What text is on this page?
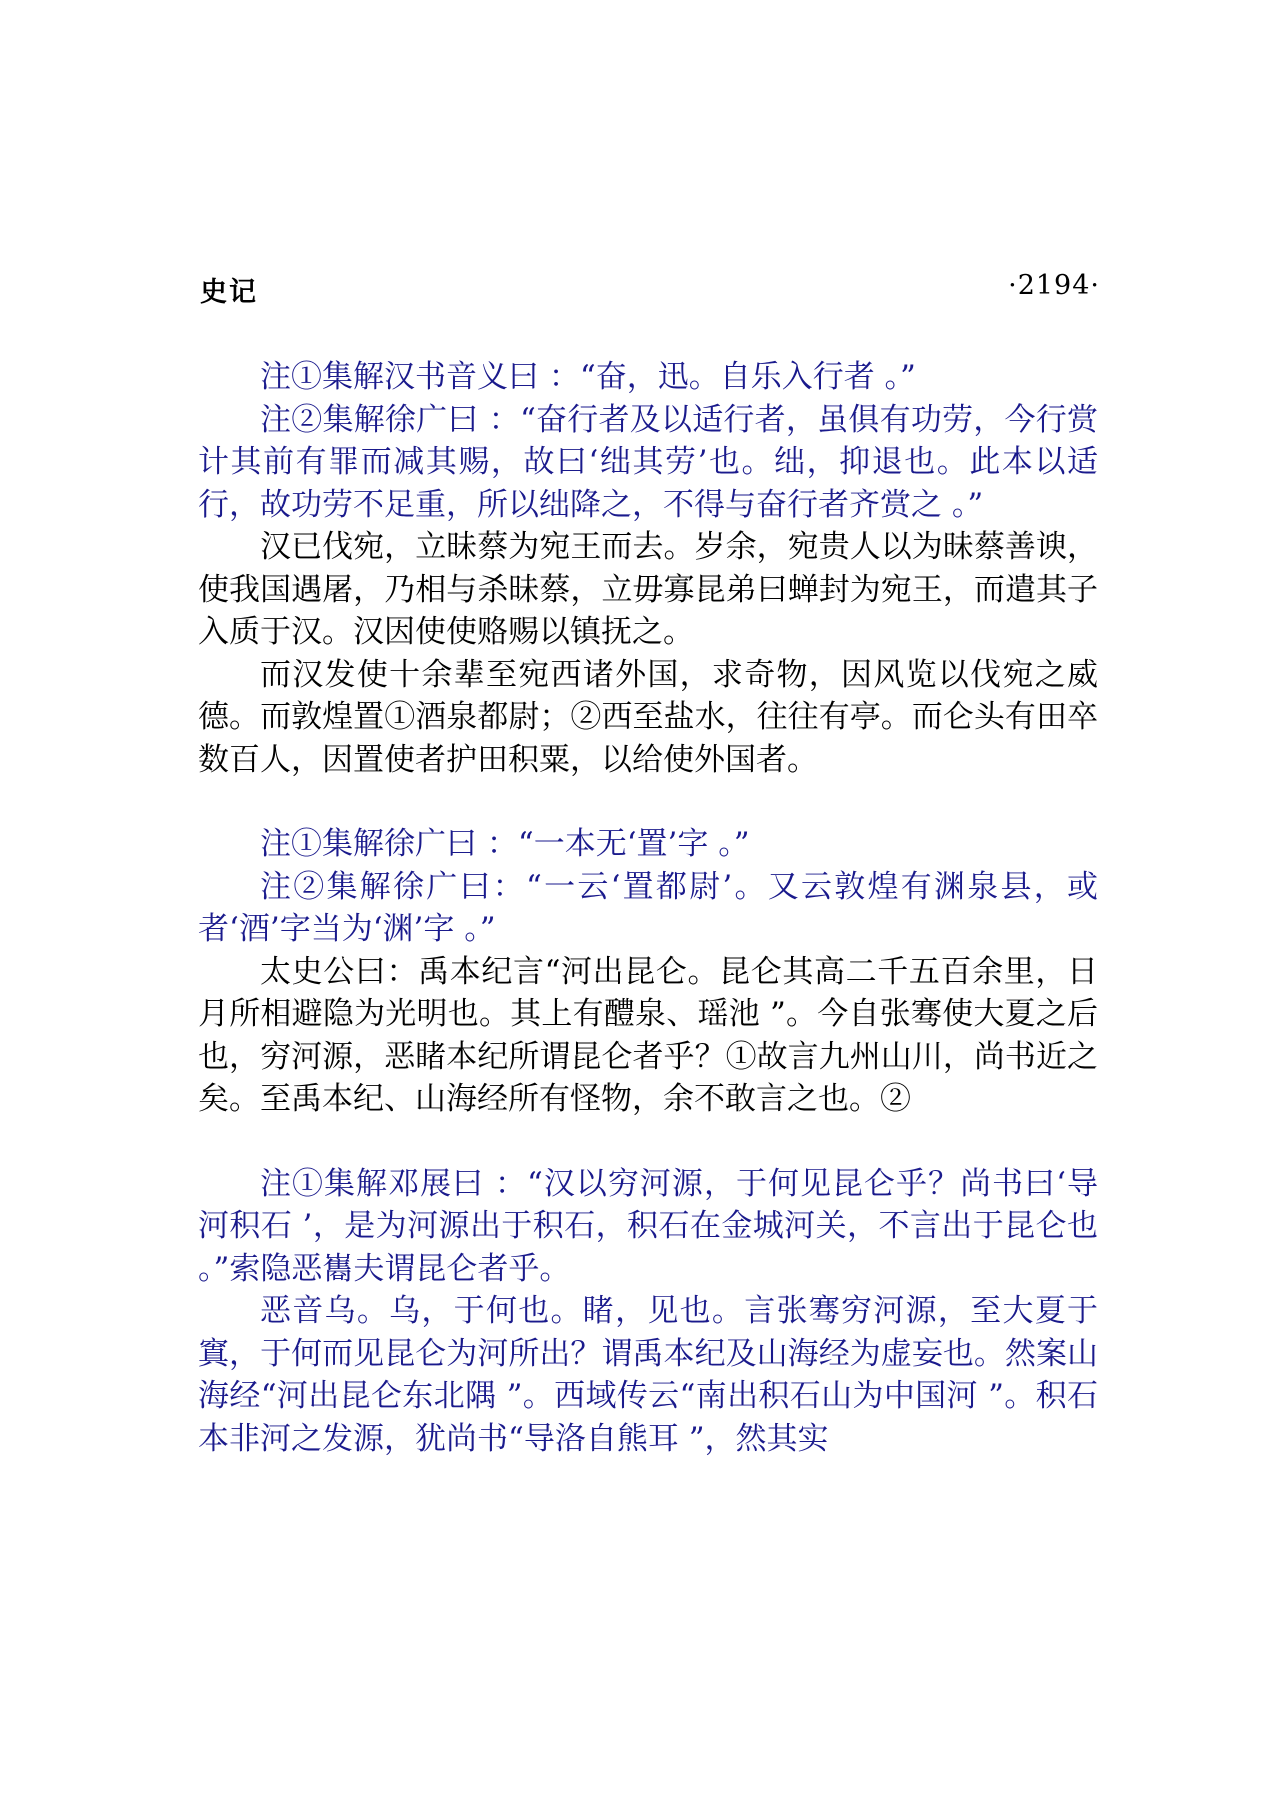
史记	·2194·

注①集解汉书音义曰 ：“奋，迅。自乐入行者 。”

注②集解徐广曰 ：“奋行者及以适行者，虽俱有功劳，今行赏计其前有罪而减其赐，故曰‘绌其劳’也。绌，抑退也。此本以适行，故功劳不足重，所以绌降之，不得与奋行者齐赏之 。”

汉已伐宛，立昧蔡为宛王而去。岁余，宛贵人以为昧蔡善谀，使我国遇屠，乃相与杀昧蔡，立毋寡昆弟曰蝉封为宛王，而遣其子入质于汉。汉因使使赂赐以镇抚之。

而汉发使十余辈至宛西诸外国，求奇物，因风览以伐宛之威德。而敦煌置①酒泉都尉；②西至盐水，往往有亭。而仑头有田卒数百人，因置使者护田积粟，以给使外国者。

注①集解徐广曰 ：“一本无‘置’字 。”

注②集解徐广曰：“一云‘置都尉’。又云敦煌有渊泉县，或者‘酒’字当为‘渊’字 。”

太史公曰：禹本纪言“河出昆仑。昆仑其高二千五百余里，日月所相避隐为光明也。其上有醴泉、瑶池 ”。今自张骞使大夏之后也，穷河源，恶睹本纪所谓昆仑者乎？①故言九州山川，尚书近之矣。至禹本纪、山海经所有怪物，余不敢言之也。②

注①集解邓展曰 ：“汉以穷河源，于何见昆仑乎？尚书曰‘导河积石 ’，是为河源出于积石，积石在金城河关，不言出于昆仑也 。”索隐恶巂夫谓昆仑者乎。

恶音乌。乌，于何也。睹，见也。言张骞穷河源，至大夏于窴，于何而见昆仑为河所出？谓禹本纪及山海经为虚妄也。然案山海经“河出昆仑东北隅 ”。西域传云“南出积石山为中国河 ”。积石本非河之发源，犹尚书“导洛自熊耳 ”，然其实
